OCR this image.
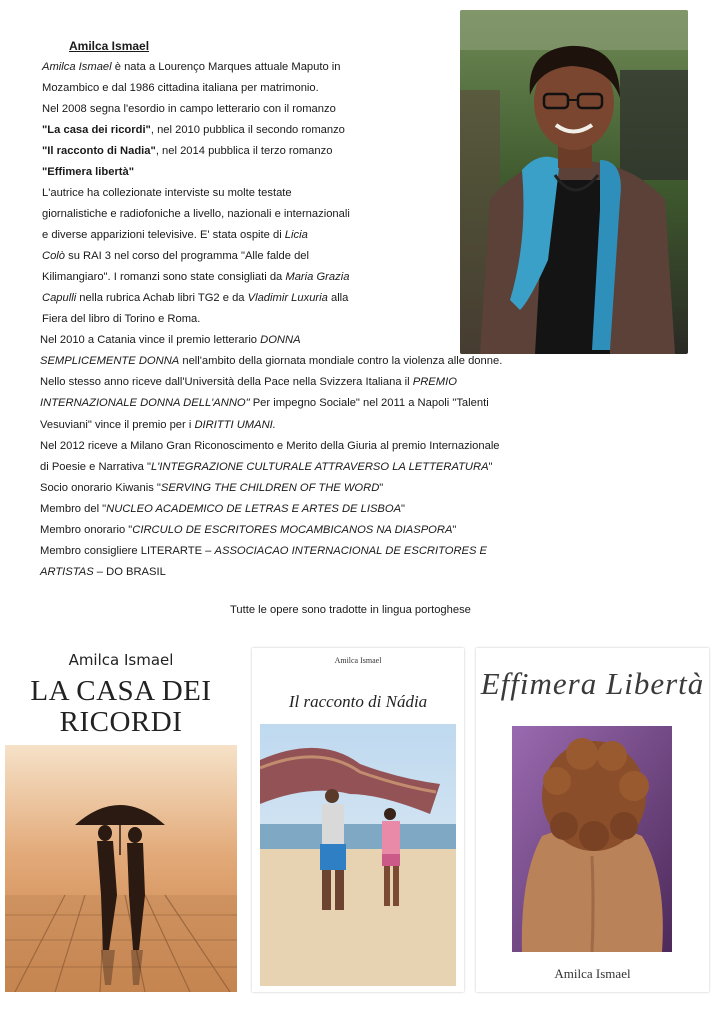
Amilca Ismael
Amilca Ismael è nata a Lourenço Marques attuale Maputo in
Mozambico e dal 1986 cittadina italiana per matrimonio.
Nel 2008 segna l'esordio in campo letterario con il romanzo
"La casa dei ricordi", nel 2010 pubblica il secondo romanzo
"Il racconto di Nadia", nel 2014 pubblica il terzo romanzo
"Effimera libertà"
L'autrice ha collezionate interviste su molte testate
giornalistiche e radiofoniche a livello, nazionali e internazionali
e diverse apparizioni televisive. E' stata ospite di Licia
Colò su RAI 3 nel corso del programma "Alle falde del
Kilimangiaro". I romanzi sono state consigliati da Maria Grazia
Capulli nella rubrica Achab libri TG2 e da Vladimir Luxuria alla
Fiera del libro di Torino e Roma.
Nel 2010 a Catania vince il premio letterario DONNA
SEMPLICEMENTE DONNA nell'ambito della giornata mondiale contro la violenza alle donne.
Nello stesso anno riceve dall'Università della Pace nella Svizzera Italiana il PREMIO
INTERNAZIONALE DONNA DELL'ANNO" Per impegno Sociale" nel 2011 a Napoli "Talenti
Vesuviani" vince il premio per i DIRITTI UMANI.
Nel 2012 riceve a Milano Gran Riconoscimento e Merito della Giuria al premio Internazionale
di Poesie e Narrativa "L'INTEGRAZIONE CULTURALE ATTRAVERSO LA LETTERATURA"
Socio onorario Kiwanis "SERVING THE CHILDREN OF THE WORD"
Membro del "NUCLEO ACADEMICO DE LETRAS E ARTES DE LISBOA"
Membro onorario "CIRCULO DE ESCRITORES MOCAMBICANOS NA DIASPORA"
Membro consigliere LITERARTE – ASSOCIACAO INTERNACIONAL DE ESCRITORES E
ARTISTAS – DO BRASIL
Tutte le opere sono tradotte in lingua portoghese
Amilca Ismael
LA CASA DEI
RICORDI
Amilca Ismael
Il racconto di Nádia
Effimera Libertà
Amilca Ismael
